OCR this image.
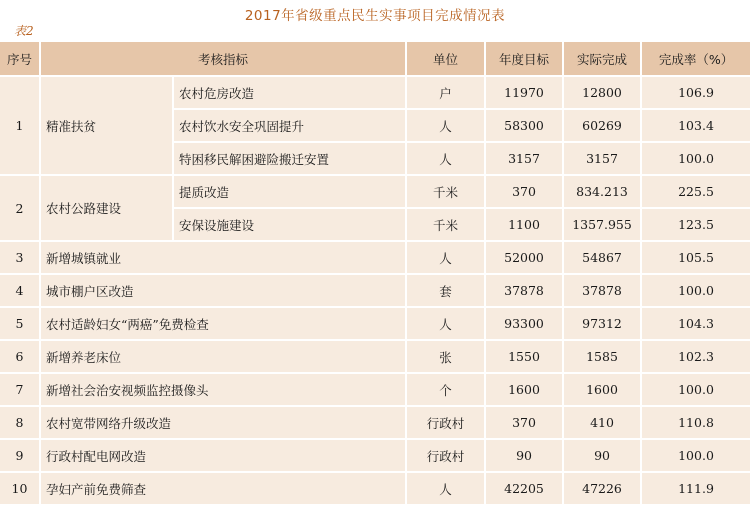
2017年省级重点民生实事项目完成情况表
表2
序号	考核指标		单位	年度目标	实际完成	完成率（%）
1	精准扶贫	农村危房改造	户	11970	12800	106.9
		农村饮水安全巩固提升	人	58300	60269	103.4
		特困移民解困避险搬迁安置	人	3157	3157	100.0
2	农村公路建设	提质改造	千米	370	834.213	225.5
		安保设施建设	千米	1100	1357.955	123.5
3	新增城镇就业		人	52000	54867	105.5
4	城市棚户区改造		套	37878	37878	100.0
5	农村适龄妇女“两癌”免费检查		人	93300	97312	104.3
6	新增养老床位		张	1550	1585	102.3
7	新增社会治安视频监控摄像头		个	1600	1600	100.0
8	农村宽带网络升级改造		行政村	370	410	110.8
9	行政村配电网改造		行政村	90	90	100.0
10	孕妇产前免费筛查		人	42205	47226	111.9
